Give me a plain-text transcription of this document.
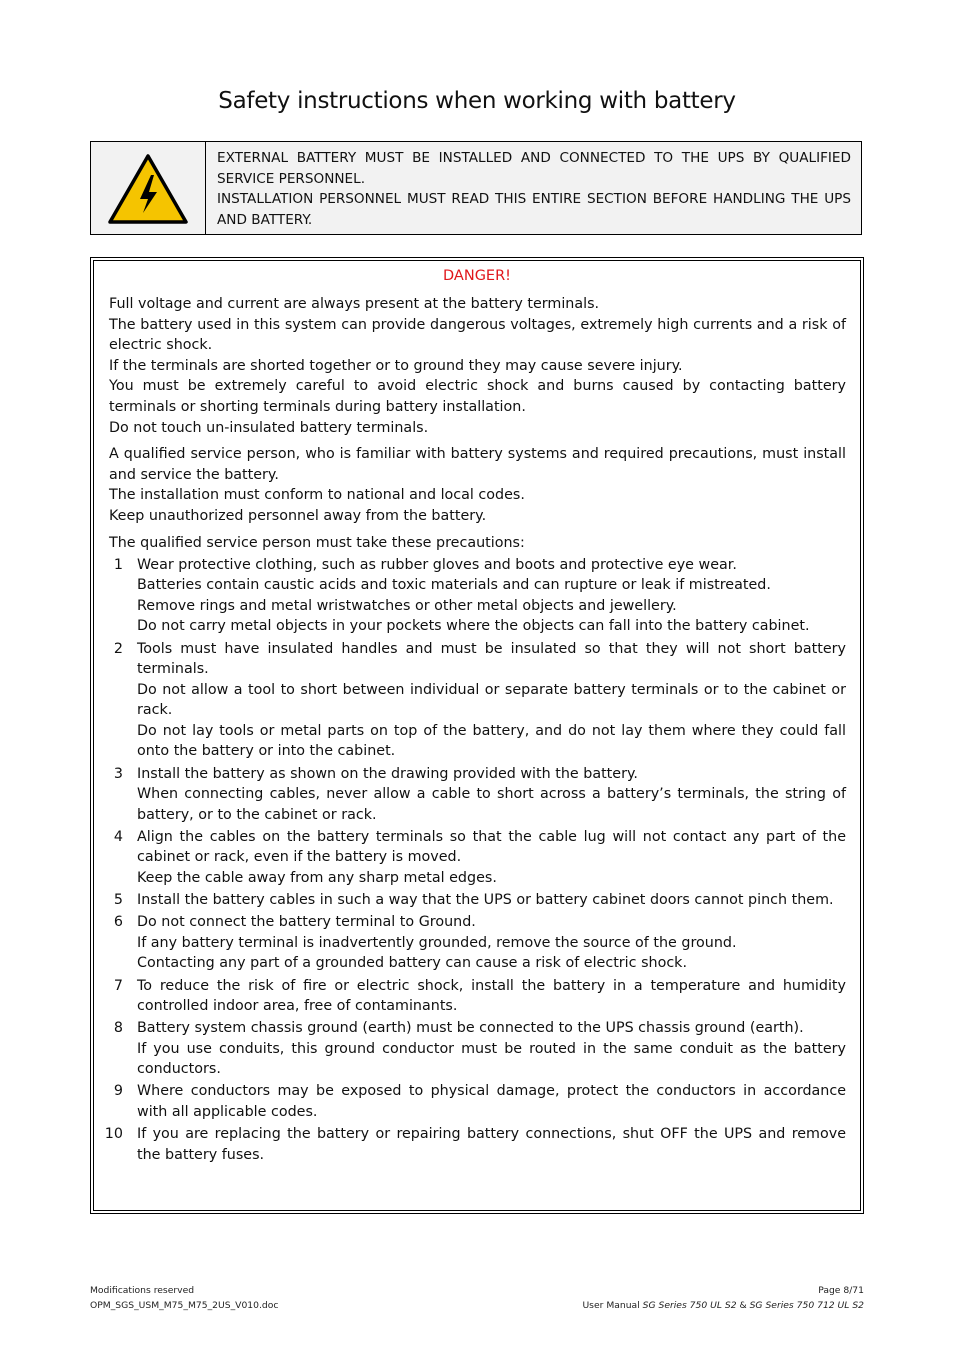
Safety instructions when working with battery

EXTERNAL BATTERY MUST BE INSTALLED AND CONNECTED TO THE UPS BY QUALIFIED SERVICE PERSONNEL.

INSTALLATION PERSONNEL MUST READ THIS ENTIRE SECTION BEFORE HANDLING THE UPS AND BATTERY.

DANGER!

Full voltage and current are always present at the battery terminals.

The battery used in this system can provide dangerous voltages, extremely high currents and a risk of electric shock.

If the terminals are shorted together or to ground they may cause severe injury.

You must be extremely careful to avoid electric shock and burns caused by contacting battery terminals or shorting terminals during battery installation.

Do not touch un-insulated battery terminals.

A qualified service person, who is familiar with battery systems and required precautions, must install and service the battery.

The installation must conform to national and local codes.

Keep unauthorized personnel away from the battery.

The qualified service person must take these precautions:

1 Wear protective clothing, such as rubber gloves and boots and protective eye wear.

Batteries contain caustic acids and toxic materials and can rupture or leak if mistreated.

Remove rings and metal wristwatches or other metal objects and jewellery.

Do not carry metal objects in your pockets where the objects can fall into the battery cabinet.

2 Tools must have insulated handles and must be insulated so that they will not short battery terminals.

Do not allow a tool to short between individual or separate battery terminals or to the cabinet or rack.

Do not lay tools or metal parts on top of the battery, and do not lay them where they could fall onto the battery or into the cabinet.

3 Install the battery as shown on the drawing provided with the battery.

When connecting cables, never allow a cable to short across a battery’s terminals, the string of battery, or to the cabinet or rack.

4 Align the cables on the battery terminals so that the cable lug will not contact any part of the cabinet or rack, even if the battery is moved.

Keep the cable away from any sharp metal edges.

5 Install the battery cables in such a way that the UPS or battery cabinet doors cannot pinch them.

6 Do not connect the battery terminal to Ground.

If any battery terminal is inadvertently grounded, remove the source of the ground.

Contacting any part of a grounded battery can cause a risk of electric shock.

7 To reduce the risk of fire or electric shock, install the battery in a temperature and humidity controlled indoor area, free of contaminants.

8 Battery system chassis ground (earth) must be connected to the UPS chassis ground (earth).

If you use conduits, this ground conductor must be routed in the same conduit as the battery conductors.

9 Where conductors may be exposed to physical damage, protect the conductors in accordance with all applicable codes.

10 If you are replacing the battery or repairing battery connections, shut OFF the UPS and remove the battery fuses.

Modifications reserved
OPM_SGS_USM_M75_M75_2US_V010.doc
Page 8/71
User Manual SG Series 750 UL S2 & SG Series 750 712 UL S2
